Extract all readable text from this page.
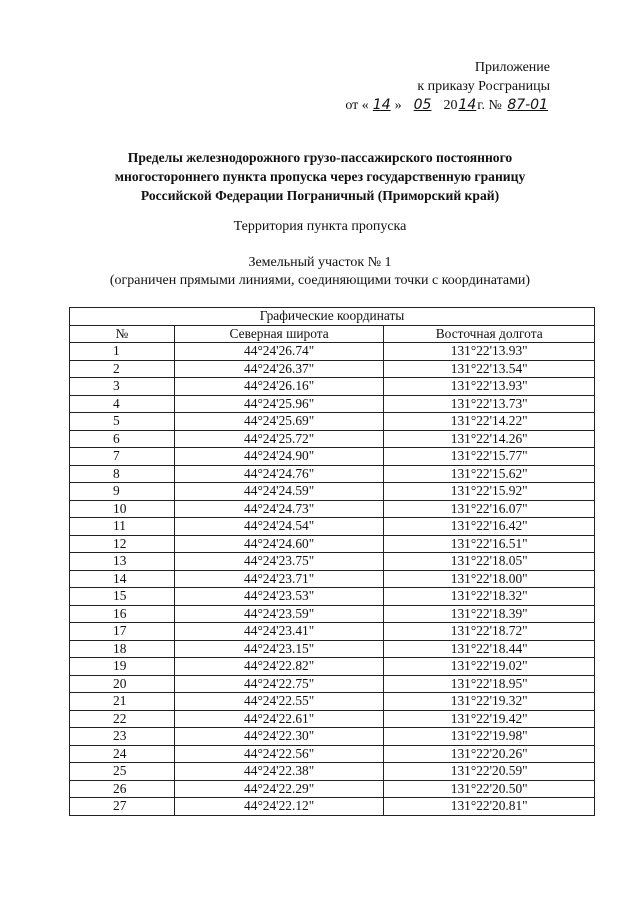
Приложение
к приказу Росграницы
от « 14 » 05 2014г. № 87-01
Пределы железнодорожного грузо-пассажирского постоянного
многостороннего пункта пропуска через государственную границу
Российской Федерации Пограничный (Приморский край)
Территория пункта пропуска
Земельный участок № 1
(ограничен прямыми линиями, соединяющими точки с координатами)
Графические координаты		
№	Северная широта	Восточная долгота
1	44°24'26.74"	131°22'13.93"
2	44°24'26.37"	131°22'13.54"
3	44°24'26.16"	131°22'13.93"
4	44°24'25.96"	131°22'13.73"
5	44°24'25.69"	131°22'14.22"
6	44°24'25.72"	131°22'14.26"
7	44°24'24.90"	131°22'15.77"
8	44°24'24.76"	131°22'15.62"
9	44°24'24.59"	131°22'15.92"
10	44°24'24.73"	131°22'16.07"
11	44°24'24.54"	131°22'16.42"
12	44°24'24.60"	131°22'16.51"
13	44°24'23.75"	131°22'18.05"
14	44°24'23.71"	131°22'18.00"
15	44°24'23.53"	131°22'18.32"
16	44°24'23.59"	131°22'18.39"
17	44°24'23.41"	131°22'18.72"
18	44°24'23.15"	131°22'18.44"
19	44°24'22.82"	131°22'19.02"
20	44°24'22.75"	131°22'18.95"
21	44°24'22.55"	131°22'19.32"
22	44°24'22.61"	131°22'19.42"
23	44°24'22.30"	131°22'19.98"
24	44°24'22.56"	131°22'20.26"
25	44°24'22.38"	131°22'20.59"
26	44°24'22.29"	131°22'20.50"
27	44°24'22.12"	131°22'20.81"
